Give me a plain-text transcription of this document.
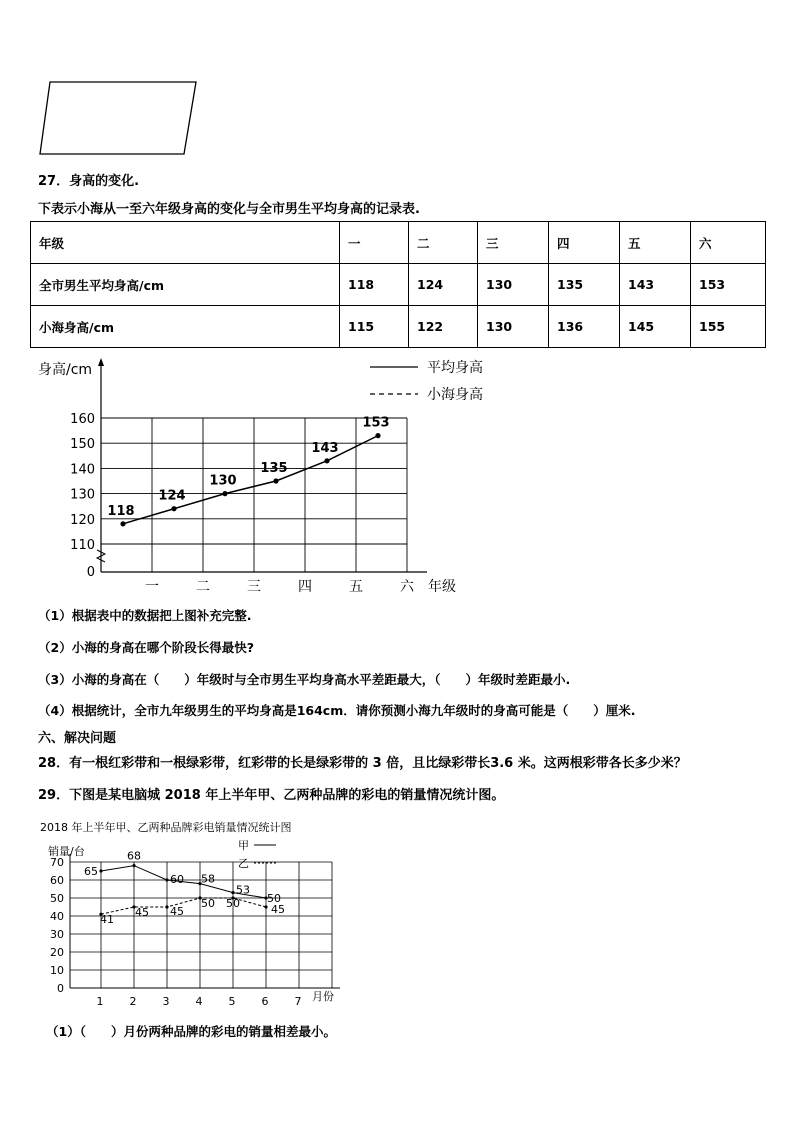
27．身高的变化.
下表示小海从一至六年级身高的变化与全市男生平均身高的记录表.
年级	一	二	三	四	五	六
全市男生平均身高/cm	118	124	130	135	143	153
小海身高/cm	115	122	130	136	145	155
0
110
120
130
140
150
160
一	二	三	四	五	六 年级
身高/cm
118
124
130
135
143
153
平均身高
小海身高
（1）根据表中的数据把上图补充完整.
（2）小海的身高在哪个阶段长得最快?
（3）小海的身高在（　　）年级时与全市男生平均身高水平差距最大，（　　）年级时差距最小.
（4）根据统计，全市九年级男生的平均身高是164cm．请你预测小海九年级时的身高可能是（　　）厘米.
六、解决问题
28．有一根红彩带和一根绿彩带，红彩带的长是绿彩带的 3 倍，且比绿彩带长3.6 米。这两根彩带各长多少米？
29．下图是某电脑城 2018 年上半年甲、乙两种品牌的彩电的销量情况统计图。
2018 年上半年甲、乙两种品牌彩电销量情况统计图
销量/台
0
10
20
30
40
50
60
70
1 2 3 4 5 6 7 月份
甲
乙
65
68
60 58
53
50
41
45 45
50 50	45
（1）（　　）月份两种品牌的彩电的销量相差最小。
